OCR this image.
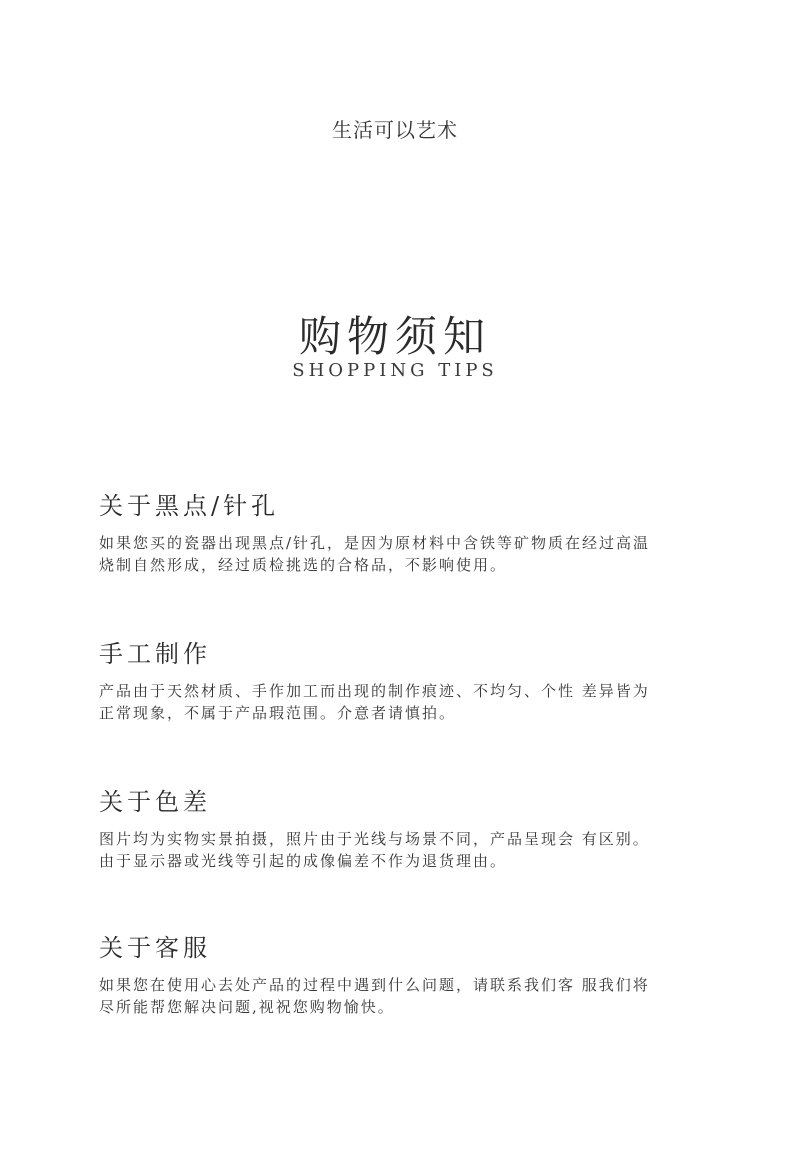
生活可以艺术
购物须知
SHOPPING TIPS
关于黑点/针孔

如果您买的瓷器出现黑点/针孔，是因为原材料中含铁等矿物质在经过高温
烧制自然形成，经过质检挑选的合格品，不影响使用。

手工制作

产品由于天然材质、手作加工而出现的制作痕迹、不均匀、个性 差异皆为
正常现象，不属于产品瑕范围。介意者请慎拍。

关于色差

图片均为实物实景拍摄，照片由于光线与场景不同，产品呈现会 有区别。
由于显示器或光线等引起的成像偏差不作为退货理由。

关于客服

如果您在使用心去处产品的过程中遇到什么问题，请联系我们客 服我们将
尽所能帮您解决问题,视祝您购物愉快。
